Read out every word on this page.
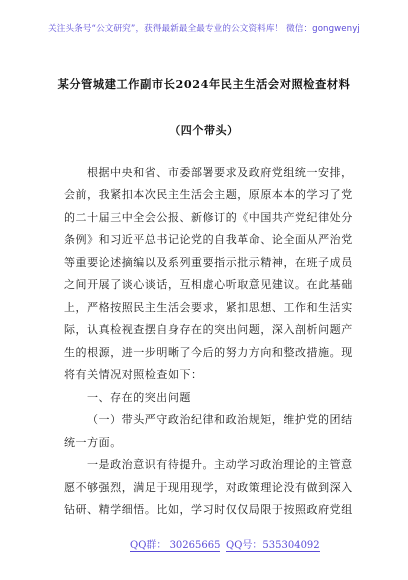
关注头条号“公文研究”，获得最新最全最专业的公文资料库！ 微信：gongwenyj
某分管城建工作副市长2024年民主生活会对照检查材料
（四个带头）
根据中央和省、市委部署要求及政府党组统一安排，
会前，我紧扣本次民主生活会主题，原原本本的学习了党
的二十届三中全会公报、新修订的《中国共产党纪律处分
条例》和习近平总书记论党的自我革命、论全面从严治党
等重要论述摘编以及系列重要指示批示精神，在班子成员
之间开展了谈心谈话，互相虚心听取意见建议。在此基础
上，严格按照民主生活会要求，紧扣思想、工作和生活实
际，认真检视查摆自身存在的突出问题，深入剖析问题产
生的根源，进一步明晰了今后的努力方向和整改措施。现
将有关情况对照检查如下：
一、存在的突出问题
（一）带头严守政治纪律和政治规矩，维护党的团结
统一方面。
一是政治意识有待提升。主动学习政治理论的主管意
愿不够强烈，满足于现用现学，对政策理论没有做到深入
钻研、精学细悟。比如，学习时仅仅局限于按照政府党组
QQ群： 30265665 QQ号：535304092
